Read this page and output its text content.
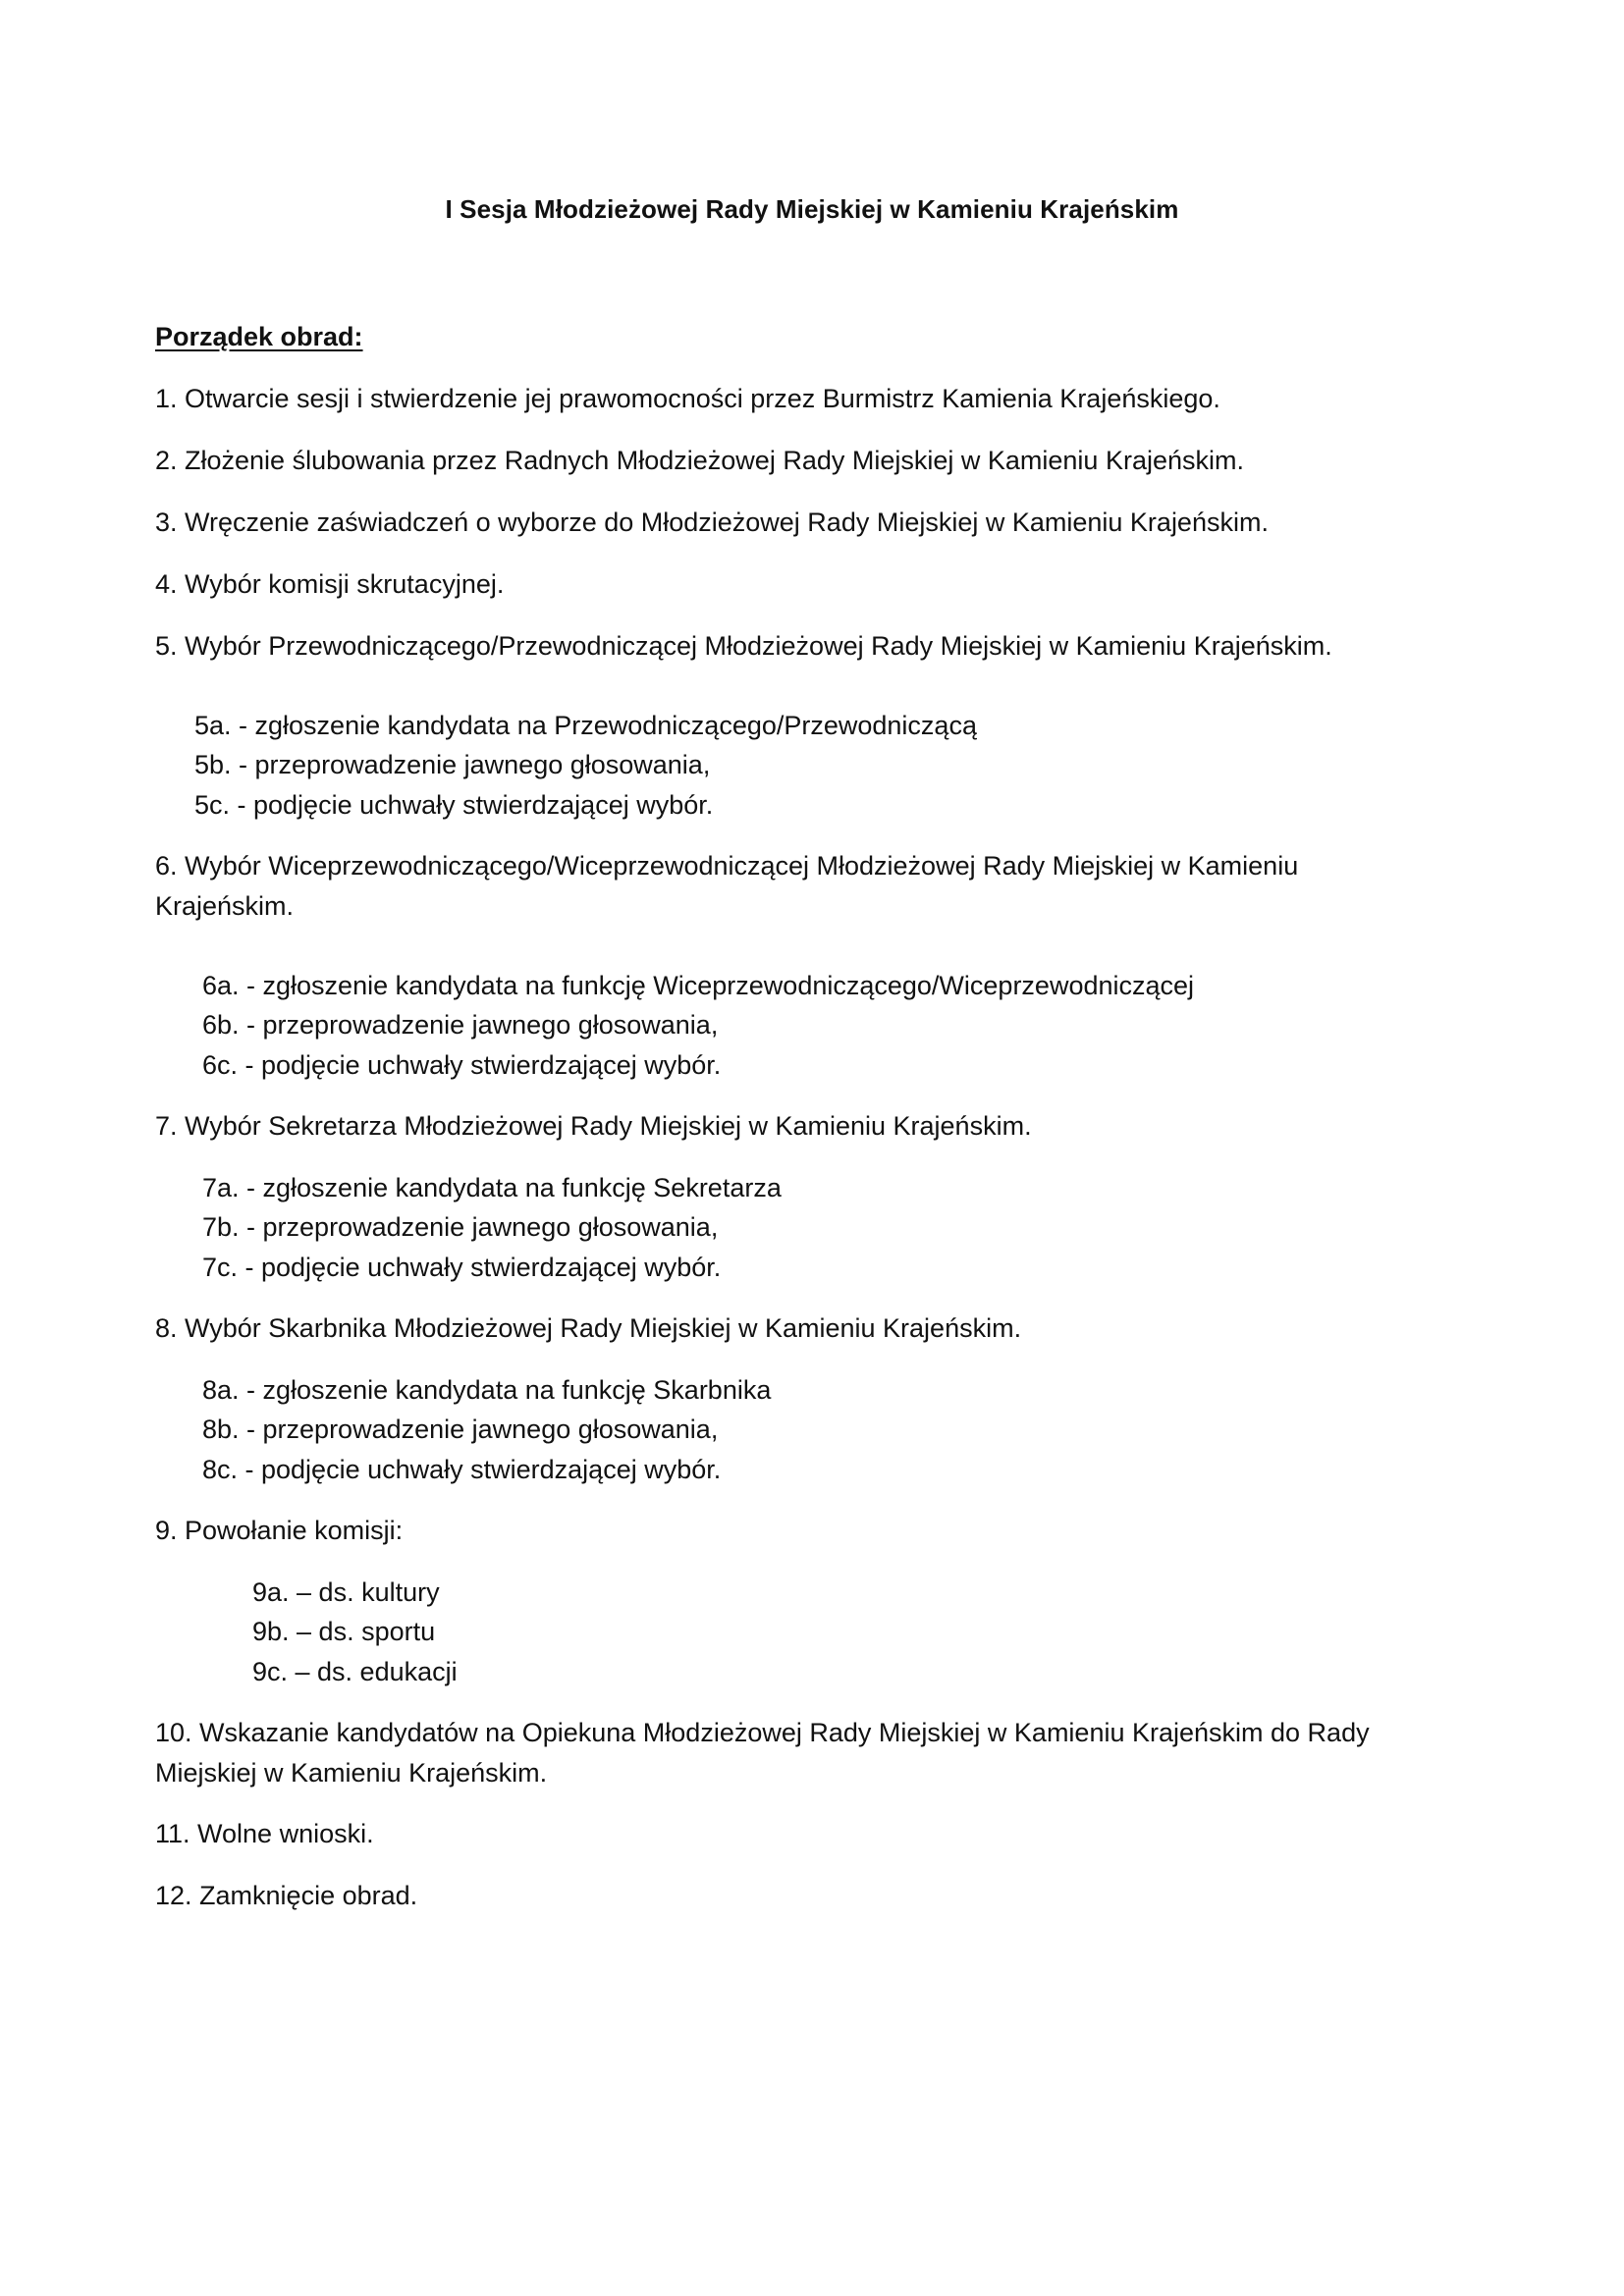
I Sesja Młodzieżowej Rady Miejskiej w Kamieniu Krajeńskim
Porządek obrad:
1. Otwarcie sesji i stwierdzenie jej prawomocności przez Burmistrz Kamienia Krajeńskiego.
2. Złożenie ślubowania przez Radnych Młodzieżowej Rady Miejskiej w Kamieniu Krajeńskim.
3. Wręczenie zaświadczeń o wyborze do Młodzieżowej Rady Miejskiej w Kamieniu Krajeńskim.
4. Wybór komisji skrutacyjnej.
5. Wybór Przewodniczącego/Przewodniczącej Młodzieżowej Rady Miejskiej w Kamieniu Krajeńskim.
5a. - zgłoszenie kandydata na Przewodniczącego/Przewodniczącą
5b. - przeprowadzenie jawnego głosowania,
5c. - podjęcie uchwały stwierdzającej wybór.
6. Wybór Wiceprzewodniczącego/Wiceprzewodniczącej Młodzieżowej Rady Miejskiej w Kamieniu Krajeńskim.
6a. - zgłoszenie kandydata na funkcję Wiceprzewodniczącego/Wiceprzewodniczącej
6b. - przeprowadzenie jawnego głosowania,
6c. - podjęcie uchwały stwierdzającej wybór.
7. Wybór Sekretarza Młodzieżowej Rady Miejskiej w Kamieniu Krajeńskim.
7a. - zgłoszenie kandydata na funkcję Sekretarza
7b. - przeprowadzenie jawnego głosowania,
7c. - podjęcie uchwały stwierdzającej wybór.
8. Wybór Skarbnika Młodzieżowej Rady Miejskiej w Kamieniu Krajeńskim.
8a. - zgłoszenie kandydata na funkcję Skarbnika
8b. - przeprowadzenie jawnego głosowania,
8c. - podjęcie uchwały stwierdzającej wybór.
9. Powołanie komisji:
9a. – ds. kultury
9b. – ds. sportu
9c. – ds. edukacji
10. Wskazanie kandydatów na Opiekuna Młodzieżowej Rady Miejskiej w Kamieniu Krajeńskim do Rady Miejskiej w Kamieniu Krajeńskim.
11. Wolne wnioski.
12. Zamknięcie obrad.
